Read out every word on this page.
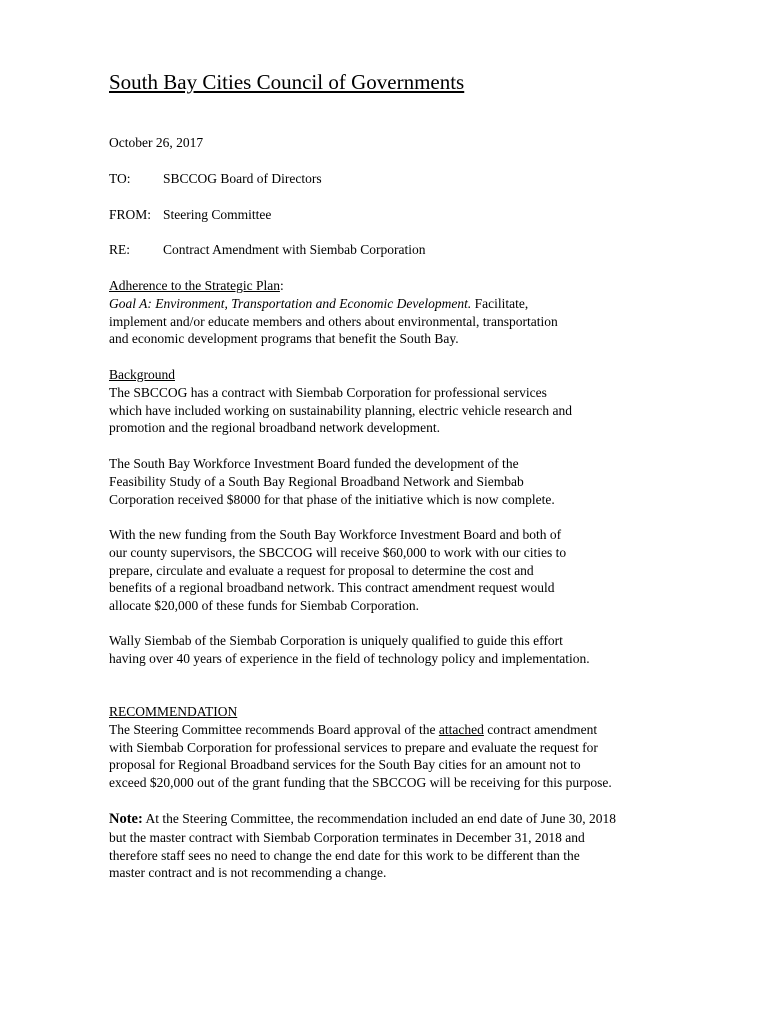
South Bay Cities Council of Governments
October 26, 2017
TO: SBCCOG Board of Directors
FROM: Steering Committee
RE: Contract Amendment with Siembab Corporation
Adherence to the Strategic Plan:
Goal A: Environment, Transportation and Economic Development. Facilitate,
implement and/or educate members and others about environmental, transportation
and economic development programs that benefit the South Bay.
Background
The SBCCOG has a contract with Siembab Corporation for professional services
which have included working on sustainability planning, electric vehicle research and
promotion and the regional broadband network development.
The South Bay Workforce Investment Board funded the development of the
Feasibility Study of a South Bay Regional Broadband Network and Siembab
Corporation received $8000 for that phase of the initiative which is now complete.
With the new funding from the South Bay Workforce Investment Board and both of
our county supervisors, the SBCCOG will receive $60,000 to work with our cities to
prepare, circulate and evaluate a request for proposal to determine the cost and
benefits of a regional broadband network. This contract amendment request would
allocate $20,000 of these funds for Siembab Corporation.
Wally Siembab of the Siembab Corporation is uniquely qualified to guide this effort
having over 40 years of experience in the field of technology policy and implementation.
RECOMMENDATION
The Steering Committee recommends Board approval of the attached contract amendment
with Siembab Corporation for professional services to prepare and evaluate the request for
proposal for Regional Broadband services for the South Bay cities for an amount not to
exceed $20,000 out of the grant funding that the SBCCOG will be receiving for this purpose.
Note: At the Steering Committee, the recommendation included an end date of June 30, 2018
but the master contract with Siembab Corporation terminates in December 31, 2018 and
therefore staff sees no need to change the end date for this work to be different than the
master contract and is not recommending a change.
